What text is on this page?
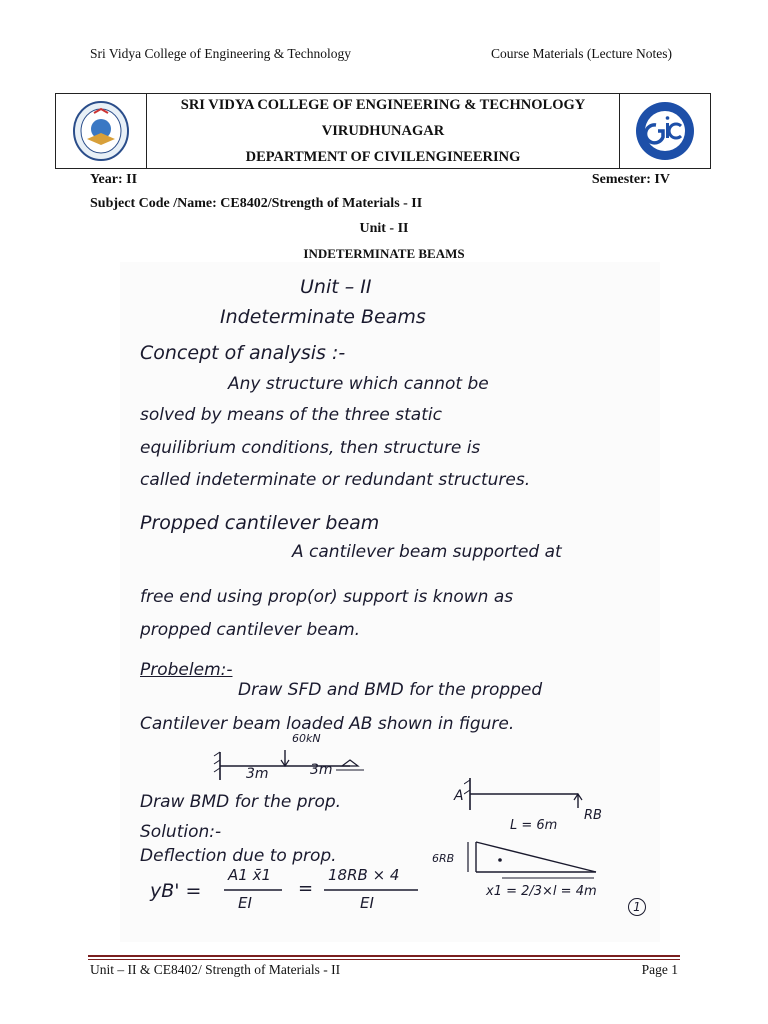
Sri Vidya College of Engineering & Technology	Course Materials (Lecture Notes)
SRI VIDYA COLLEGE OF ENGINEERING & TECHNOLOGY
VIRUDHUNAGAR
DEPARTMENT OF CIVILENGINEERING
Year: II	Semester: IV
Subject Code /Name: CE8402/Strength of Materials - II
Unit - II
INDETERMINATE BEAMS
Unit – II
Indeterminate Beams
Concept of analysis :-
Any structure which cannot be
solved by means of the three static
equilibrium conditions, then structure is
called indeterminate or redundant structures.
Propped cantilever beam
A cantilever beam supported at
free end using prop(or) support is known as
propped cantilever beam.
Probelem:-
Draw SFD and BMD for the propped
Cantilever beam loaded AB shown in figure.
60kN
3m	3m
Draw BMD for the prop.	A
RB
L = 6m
Solution:-
Deflection due to prop.	6RB
yB' =
A1 x̄1
EI
=
18RB × 4
EI
x1 = 2/3×l = 4m
1
Unit – II & CE8402/ Strength of Materials - II	Page 1
